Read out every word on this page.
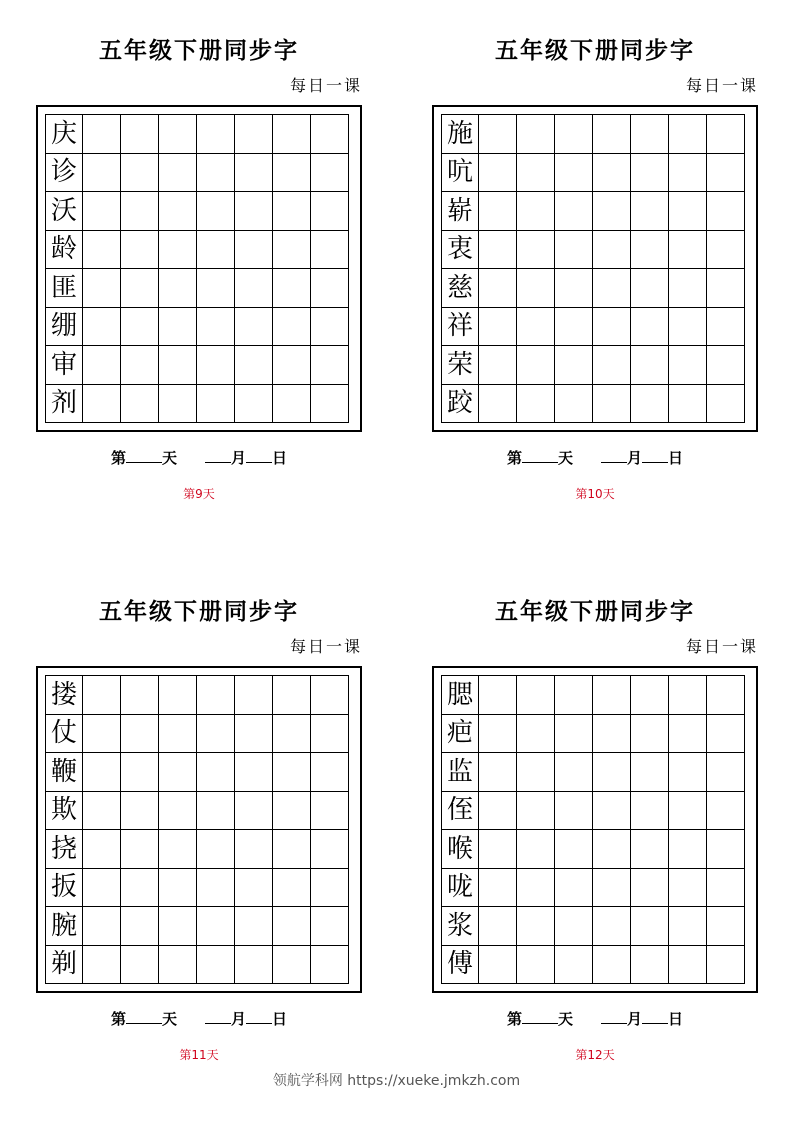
五年级下册同步字
每日一课
庆
诊
沃
龄
匪
绷
审
剂
第 天	月 日
第9天
五年级下册同步字
每日一课
施
吭
崭
衷
慈
祥
荣
跤
第 天	月 日
第10天
五年级下册同步字
每日一课
搂
仗
鞭
欺
挠
扳
腕
剃
第 天	月 日
第11天
五年级下册同步字
每日一课
腮
疤
监
侄
喉
咙
浆
傅
第 天	月 日
第12天
领航学科网 https://xueke.jmkzh.com
